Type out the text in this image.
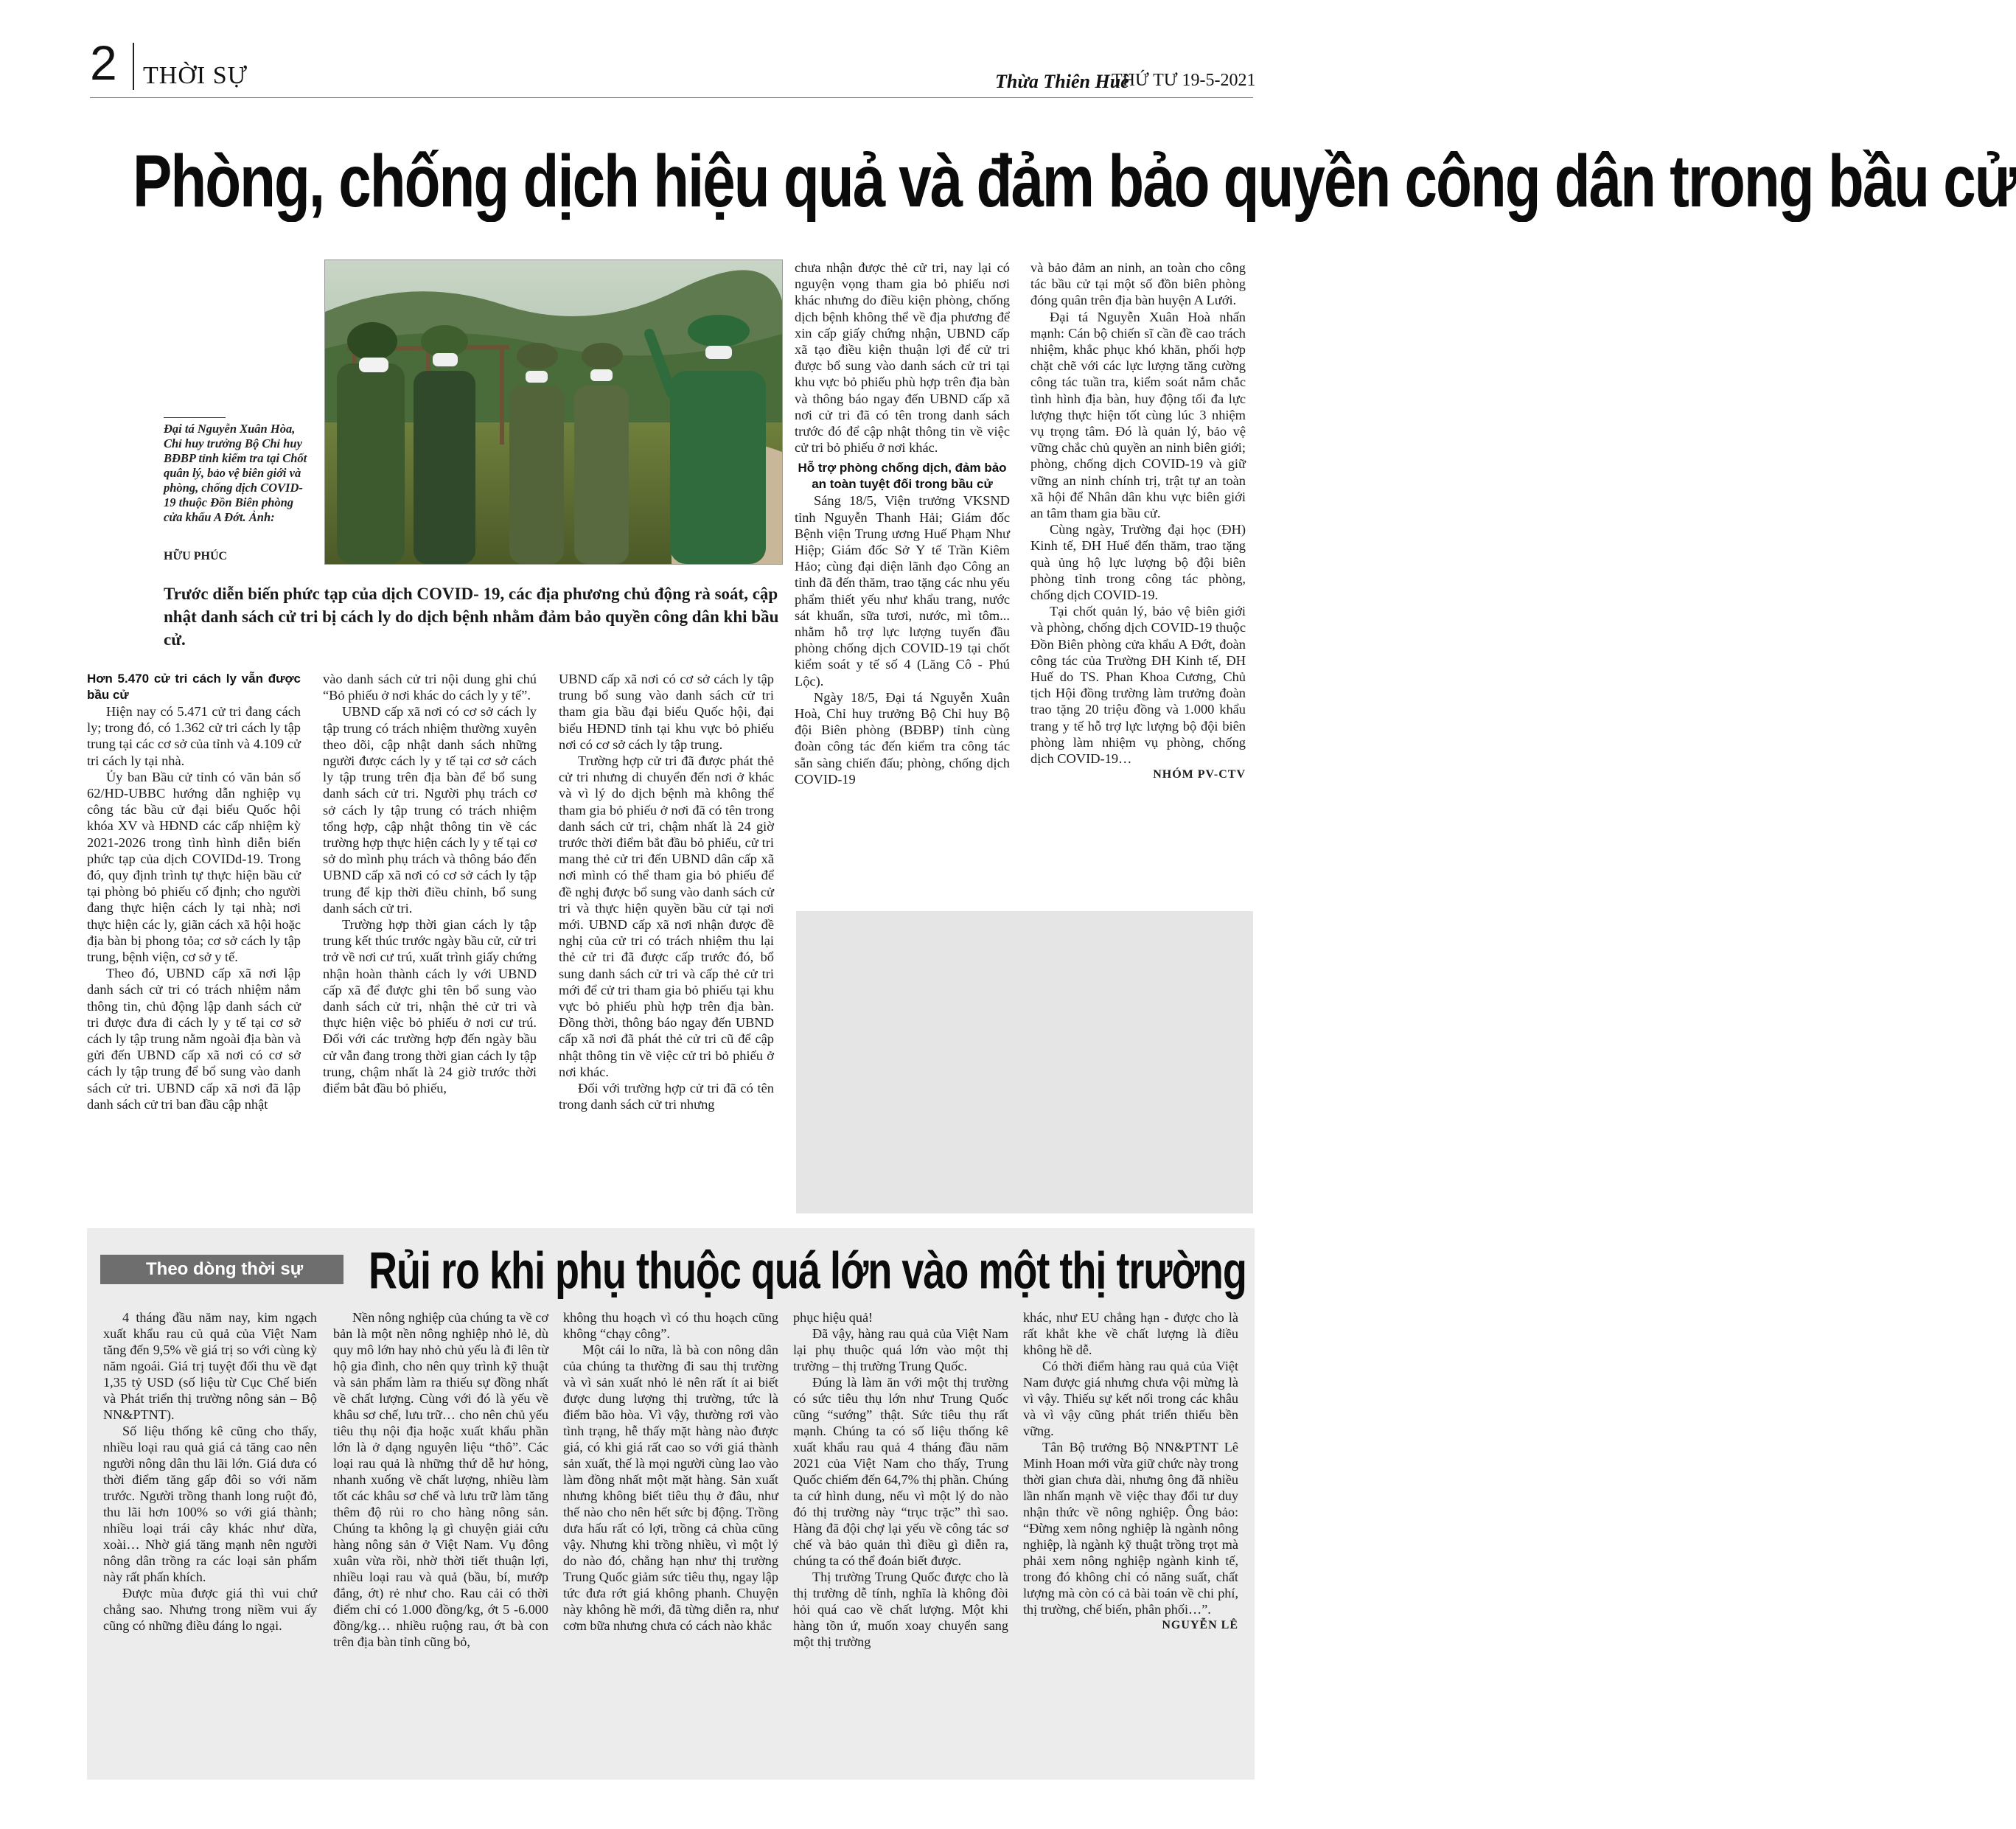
2 THỜI SỰ	Thừa Thiên Huế
THỨ TƯ 19-5-2021
Phòng, chống dịch hiệu quả và đảm bảo quyền công dân trong bầu cử
Đại tá Nguyễn Xuân Hòa, Chỉ huy trưởng Bộ Chỉ huy BĐBP tỉnh kiểm tra tại Chốt quân lý, bảo vệ biên giới và phòng, chống dịch COVID-19 thuộc Đồn Biên phòng cửa khẩu A Đớt. Ảnh:
HỮU PHÚC
Trước diễn biến phức tạp của dịch COVID- 19, các địa phương chủ động rà soát, cập nhật danh sách cử tri bị cách ly do dịch bệnh nhằm đảm bảo quyền công dân khi bầu cử.
Hơn 5.470 cử tri cách ly vẫn được bầu cử

Hiện nay có 5.471 cử tri đang cách ly; trong đó, có 1.362 cử tri cách ly tập trung tại các cơ sở của tỉnh và 4.109 cử tri cách ly tại nhà.

Ủy ban Bầu cử tỉnh có văn bản số 62/HD-UBBC hướng dẫn nghiệp vụ công tác bầu cử đại biểu Quốc hội khóa XV và HĐND các cấp nhiệm kỳ 2021-2026 trong tình hình diễn biến phức tạp của dịch COVIDd-19. Trong đó, quy định trình tự thực hiện bầu cử tại phòng bỏ phiếu cố định; cho người đang thực hiện cách ly tại nhà; nơi thực hiện các ly, giãn cách xã hội hoặc địa bàn bị phong tỏa; cơ sở cách ly tập trung, bệnh viện, cơ sở y tế.

Theo đó, UBND cấp xã nơi lập danh sách cử tri có trách nhiệm nắm thông tin, chủ động lập danh sách cử tri được đưa đi cách ly y tế tại cơ sở cách ly tập trung nằm ngoài địa bàn và gửi đến UBND cấp xã nơi có cơ sở cách ly tập trung để bổ sung vào danh sách cử tri. UBND cấp xã nơi đã lập danh sách cử tri ban đầu cập nhật

vào danh sách cử tri nội dung ghi chú “Bỏ phiếu ở nơi khác do cách ly y tế”.

UBND cấp xã nơi có cơ sở cách ly tập trung có trách nhiệm thường xuyên theo dõi, cập nhật danh sách những người được cách ly y tế tại cơ sở cách ly tập trung trên địa bàn để bổ sung danh sách cử tri. Người phụ trách cơ sở cách ly tập trung có trách nhiệm tổng hợp, cập nhật thông tin về các trường hợp thực hiện cách ly y tế tại cơ sở do mình phụ trách và thông báo đến UBND cấp xã nơi có cơ sở cách ly tập trung để kịp thời điều chỉnh, bổ sung danh sách cử tri.

Trường hợp thời gian cách ly tập trung kết thúc trước ngày bầu cử, cử tri trở về nơi cư trú, xuất trình giấy chứng nhận hoàn thành cách ly với UBND cấp xã để được ghi tên bổ sung vào danh sách cử tri, nhận thẻ cử tri và thực hiện việc bỏ phiếu ở nơi cư trú. Đối với các trường hợp đến ngày bầu cử vẫn đang trong thời gian cách ly tập trung, chậm nhất là 24 giờ trước thời điểm bắt đầu bỏ phiếu,

UBND cấp xã nơi có cơ sở cách ly tập trung bổ sung vào danh sách cử tri tham gia bầu đại biểu Quốc hội, đại biểu HĐND tỉnh tại khu vực bỏ phiếu nơi có cơ sở cách ly tập trung.

Trường hợp cử tri đã được phát thẻ cử tri nhưng di chuyển đến nơi ở khác và vì lý do dịch bệnh mà không thể tham gia bỏ phiếu ở nơi đã có tên trong danh sách cử tri, chậm nhất là 24 giờ trước thời điểm bắt đầu bỏ phiếu, cử tri mang thẻ cử tri đến UBND dân cấp xã nơi mình có thể tham gia bỏ phiếu để đề nghị được bổ sung vào danh sách cử tri và thực hiện quyền bầu cử tại nơi mới. UBND cấp xã nơi nhận được đề nghị của cử tri có trách nhiệm thu lại thẻ cử tri đã được cấp trước đó, bổ sung danh sách cử tri và cấp thẻ cử tri mới để cử tri tham gia bỏ phiếu tại khu vực bỏ phiếu phù hợp trên địa bàn. Đồng thời, thông báo ngay đến UBND cấp xã nơi đã phát thẻ cử tri cũ để cập nhật thông tin về việc cử tri bỏ phiếu ở nơi khác.

Đối với trường hợp cử tri đã có tên trong danh sách cử tri nhưng

chưa nhận được thẻ cử tri, nay lại có nguyện vọng tham gia bỏ phiếu nơi khác nhưng do điều kiện phòng, chống dịch bệnh không thể về địa phương để xin cấp giấy chứng nhận, UBND cấp xã tạo điều kiện thuận lợi để cử tri được bổ sung vào danh sách cử tri tại khu vực bỏ phiếu phù hợp trên địa bàn và thông báo ngay đến UBND cấp xã nơi cử tri đã có tên trong danh sách trước đó để cập nhật thông tin về việc cử tri bỏ phiếu ở nơi khác.

Hỗ trợ phòng chống dịch, đảm bảo an toàn tuyệt đối trong bầu cử

Sáng 18/5, Viện trưởng VKSND tỉnh Nguyễn Thanh Hải; Giám đốc Bệnh viện Trung ương Huế Phạm Như Hiệp; Giám đốc Sở Y tế Trần Kiêm Hảo; cùng đại diện lãnh đạo Công an tỉnh đã đến thăm, trao tặng các nhu yếu phẩm thiết yếu như khẩu trang, nước sát khuẩn, sữa tươi, nước, mì tôm... nhằm hỗ trợ lực lượng tuyến đầu phòng chống dịch COVID-19 tại chốt kiểm soát y tế số 4 (Lăng Cô - Phú Lộc).

Ngày 18/5, Đại tá Nguyễn Xuân Hoà, Chỉ huy trưởng Bộ Chỉ huy Bộ đội Biên phòng (BĐBP) tỉnh cùng đoàn công tác đến kiểm tra công tác sẵn sàng chiến đấu; phòng, chống dịch COVID-19

và bảo đảm an ninh, an toàn cho công tác bầu cử tại một số đồn biên phòng đóng quân trên địa bàn huyện A Lưới.

Đại tá Nguyễn Xuân Hoà nhấn mạnh: Cán bộ chiến sĩ cần đề cao trách nhiệm, khắc phục khó khăn, phối hợp chặt chẽ với các lực lượng tăng cường công tác tuần tra, kiểm soát nắm chắc tình hình địa bàn, huy động tối đa lực lượng thực hiện tốt cùng lúc 3 nhiệm vụ trọng tâm. Đó là quản lý, bảo vệ vững chắc chủ quyền an ninh biên giới; phòng, chống dịch COVID-19 và giữ vững an ninh chính trị, trật tự an toàn xã hội để Nhân dân khu vực biên giới an tâm tham gia bầu cử.

Cùng ngày, Trường đại học (ĐH) Kinh tế, ĐH Huế đến thăm, trao tặng quà ủng hộ lực lượng bộ đội biên phòng tỉnh trong công tác phòng, chống dịch COVID-19.

Tại chốt quản lý, bảo vệ biên giới và phòng, chống dịch COVID-19 thuộc Đồn Biên phòng cửa khẩu A Đớt, đoàn công tác của Trường ĐH Kinh tế, ĐH Huế do TS. Phan Khoa Cương, Chủ tịch Hội đồng trường làm trưởng đoàn trao tặng 20 triệu đồng và 1.000 khẩu trang y tế hỗ trợ lực lượng bộ đội biên phòng làm nhiệm vụ phòng, chống dịch COVID-19…

NHÓM PV-CTV

Theo dòng thời sự	Rủi ro khi phụ thuộc quá lớn vào một thị trường

4 tháng đầu năm nay, kim ngạch xuất khẩu rau củ quả của Việt Nam tăng đến 9,5% về giá trị so với cùng kỳ năm ngoái. Giá trị tuyệt đối thu về đạt 1,35 tỷ USD (số liệu từ Cục Chế biến và Phát triển thị trường nông sản – Bộ NN&PTNT).

Số liệu thống kê cũng cho thấy, nhiều loại rau quả giá cả tăng cao nên người nông dân thu lãi lớn. Giá dưa có thời điểm tăng gấp đôi so với năm trước. Người trồng thanh long ruột đỏ, thu lãi hơn 100% so với giá thành; nhiều loại trái cây khác như dừa, xoài… Nhờ giá tăng mạnh nên người nông dân trồng ra các loại sản phẩm này rất phấn khích.

Được mùa được giá thì vui chứ chẳng sao. Nhưng trong niềm vui ấy cũng có những điều đáng lo ngại.

Nền nông nghiệp của chúng ta về cơ bản là một nền nông nghiệp nhỏ lẻ, dù quy mô lớn hay nhỏ chủ yếu là đi lên từ hộ gia đình, cho nên quy trình kỹ thuật và sản phẩm làm ra thiếu sự đồng nhất về chất lượng. Cùng với đó là yếu về khâu sơ chế, lưu trữ… cho nên chủ yếu tiêu thụ nội địa hoặc xuất khẩu phần lớn là ở dạng nguyên liệu “thô”. Các loại rau quả là những thứ dễ hư hỏng, nhanh xuống về chất lượng, nhiều làm tốt các khâu sơ chế và lưu trữ làm tăng thêm độ rủi ro cho hàng nông sản. Chúng ta không lạ gì chuyện giải cứu hàng nông sản ở Việt Nam. Vụ đông xuân vừa rồi, nhờ thời tiết thuận lợi, nhiều loại rau và quả (bầu, bí, mướp đắng, ớt) rẻ như cho. Rau cải có thời điểm chỉ có 1.000 đồng/kg, ớt 5 -6.000 đồng/kg… nhiều ruộng rau, ớt bà con trên địa bàn tỉnh cũng bỏ,

không thu hoạch vì có thu hoạch cũng không “chạy công”.

Một cái lo nữa, là bà con nông dân của chúng ta thường đi sau thị trường và vì sản xuất nhỏ lẻ nên rất ít ai biết được dung lượng thị trường, tức là điểm bão hòa. Vì vậy, thường rơi vào tình trạng, hễ thấy mặt hàng nào được giá, có khi giá rất cao so với giá thành sản xuất, thế là mọi người cùng lao vào làm đồng nhất một mặt hàng. Sản xuất nhưng không biết tiêu thụ ở đâu, như thế nào cho nên hết sức bị động. Trồng dưa hấu rất có lợi, trồng cả chùa cũng vậy. Nhưng khi trồng nhiều, vì một lý do nào đó, chẳng hạn như thị trường Trung Quốc giảm sức tiêu thụ, ngay lập tức đưa rớt giá không phanh. Chuyện này không hề mới, đã từng diễn ra, như cơm bữa nhưng chưa có cách nào khắc

phục hiệu quả!

Đã vậy, hàng rau quả của Việt Nam lại phụ thuộc quá lớn vào một thị trường – thị trường Trung Quốc.

Đúng là làm ăn với một thị trường có sức tiêu thụ lớn như Trung Quốc cũng “sướng” thật. Sức tiêu thụ rất mạnh. Chúng ta có số liệu thống kê xuất khẩu rau quả 4 tháng đầu năm 2021 của Việt Nam cho thấy, Trung Quốc chiếm đến 64,7% thị phần. Chúng ta cứ hình dung, nếu vì một lý do nào đó thị trường này “trục trặc” thì sao. Hàng đã đội chợ lại yếu về công tác sơ chế và bảo quản thì điều gì diễn ra, chúng ta có thể đoán biết được.

Thị trường Trung Quốc được cho là thị trường dễ tính, nghĩa là không đòi hỏi quá cao về chất lượng. Một khi hàng tồn ứ, muốn xoay chuyển sang một thị trường

khác, như EU chẳng hạn - được cho là rất khắt khe về chất lượng là điều không hề dễ.

Có thời điểm hàng rau quả của Việt Nam được giá nhưng chưa vội mừng là vì vậy. Thiếu sự kết nối trong các khâu và vì vậy cũng phát triển thiếu bền vững.

Tân Bộ trưởng Bộ NN&PTNT Lê Minh Hoan mới vừa giữ chức này trong thời gian chưa dài, nhưng ông đã nhiều lần nhấn mạnh về việc thay đổi tư duy nhận thức về nông nghiệp. Ông bảo: “Đừng xem nông nghiệp là ngành nông nghiệp, là ngành kỹ thuật trồng trọt mà phải xem nông nghiệp ngành kinh tế, trong đó không chỉ có năng suất, chất lượng mà còn có cả bài toán về chi phí, thị trường, chế biến, phân phối…”.

NGUYỄN LÊ
